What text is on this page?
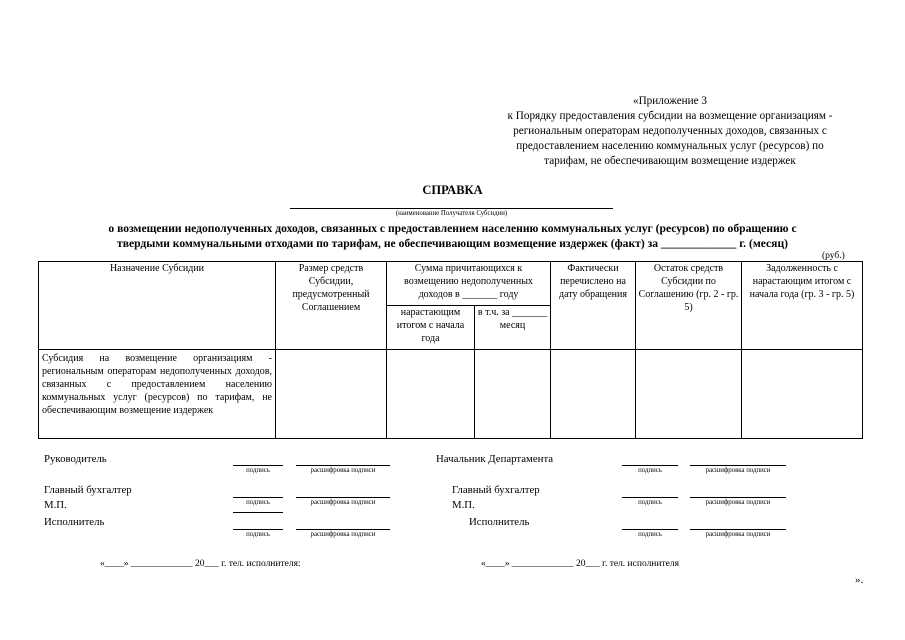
«Приложение 3
к Порядку предоставления субсидии на возмещение организациям -
региональным операторам недополученных доходов, связанных с
предоставлением населению коммунальных услуг (ресурсов) по
тарифам, не обеспечивающим возмещение издержек
СПРАВКА
(наименование Получателя Субсидии)
о возмещении недополученных доходов, связанных с предоставлением населению коммунальных услуг (ресурсов) по обращению с
твердыми коммунальными отходами по тарифам, не обеспечивающим возмещение издержек (факт) за _____________ г. (месяц)
(руб.)
Назначение Субсидии	Размер средств Субсидии, предусмотренный Соглашением	Сумма причитающихся к возмещению недополученных доходов в _______ году		Фактически перечислено на дату обращения	Остаток средств Субсидии по Соглашению (гр. 2 - гр. 5)	Задолженность с нарастающим итогом с начала года (гр. 3 - гр. 5)
		нарастающим итогом с начала года	в т.ч. за _______ месяц			
Субсидия на возмещение организациям - региональным операторам недополученных доходов, связанных с предоставлением населению коммунальных услуг (ресурсов) по тарифам, не обеспечивающим возмещение издержек						
Руководитель
подпись	расшифровка подписи
Главный бухгалтер
подпись	расшифровка подписи
М.П.
Исполнитель
подпись	расшифровка подписи
Начальник Департамента
подпись	расшифровка подписи
Главный бухгалтер
подпись	расшифровка подписи
М.П.
Исполнитель
подпись	расшифровка подписи
«____» _____________ 20___ г. тел. исполнителя:	«____» _____________ 20___ г. тел. исполнителя
».
